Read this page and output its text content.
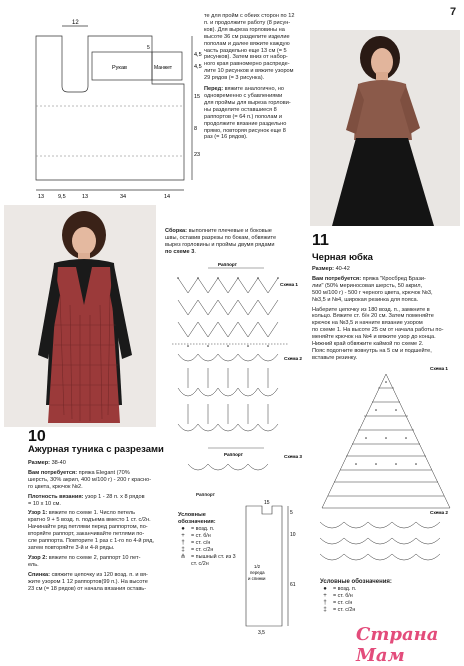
7
12
Рукав	Манжет
5
4,5
4,5
15
8
23
13	9,5	13	34	14
те для пройм с обеих сторон по 12
п. и продолжите работу (8 рисун-
ков). Для выреза горловины на
высоте 36 см разделите изделие
пополам и далее вяжите каждую
часть раздельно еще 13 см (= 5
рисунков). Затем вниз от набор-
ного края равномерно распреде-
лите 10 рисунков и вяжите узором
29 рядов (= 3 рисунка).
Перед: вяжите аналогично, но
одновременно с убавлениями
для проймы для выреза горлови-
ны разделите оставшиеся 8
раппортов (= 64 п.) пополам и
продолжите вязание раздельно
прямо, повторяя рисунок еще 8
раз (= 16 рядов).
Сборка: выполните плечевые и боковые
швы, оставив разрезы по бокам, обвяжите
вырез горловины и проймы двумя рядами
по схеме 3.
Раппорт
Схема 1
Схема 2
Раппорт	Схема 3
Раппорт
Условные
обозначения:
●	= возд. п.
+	= ст. б/н
†	= ст. с/н
‡	= ст. с/2н
⋔	= пышный ст. из 3
ст. с/2н
15
5
10
61
1/2
переда
и спинки
3,5
10
Ажурная туника с разрезами
Размер: 38-40
Вам потребуется: пряжа Elegant (70%
шерсть, 30% акрил, 400 м/100 г) - 200 г красно-
го цвета, крючок №2.
Плотность вязания: узор 1 - 28 п. х 8 рядов
= 10 х 10 см.
Узор 1: вяжите по схеме 1. Число петель
кратно 9 + 5 возд. п. подъема вместо 1 ст. с/2н.
Начинайте ряд петлями перед раппортом, по-
вторяйте раппорт, заканчивайте петлями по-
сле раппорта. Повторите 1 раз с 1-го по 4-й ряд,
затем повторяйте 3-й и 4-й ряды.
Узор 2: вяжите по схеме 2, раппорт 10 пет-
ель.
Спинка: свяжите цепочку из 120 возд. п. и вя-
жите узором 1 12 раппортов(99 п.). На высоте
23 см (= 18 рядов) от начала вязания оставь-
11
Черная юбка
Размер: 40-42
Вам потребуется: пряжа "Кросбред Брази-
лии" (50% мериносовая шерсть, 50 акрил,
500 м/100 г) - 500 г черного цвета, крючок №3,
№3,5 и №4, широкая резинка для пояса.
Наберите цепочку из 180 возд. п., замкните в
кольцо. Вяжите ст. б/н 20 см. Затем поменяйте
крючок на №3,5 и начните вязание узором
по схеме 1. На высоте 25 см от начала работы по-
меняйте крючок на №4 и вяжите узор до конца.
Нижний край обвяжите каймой по схеме 2.
Пояс подогните вовнутрь на 5 см и подшейте,
вставьте резинку.
Схема 1
Схема 2
Условные обозначения:
●	= возд. п.
+	= ст. б/н
†	= ст. с/н
‡	= ст. с/2н
Страна Мам
